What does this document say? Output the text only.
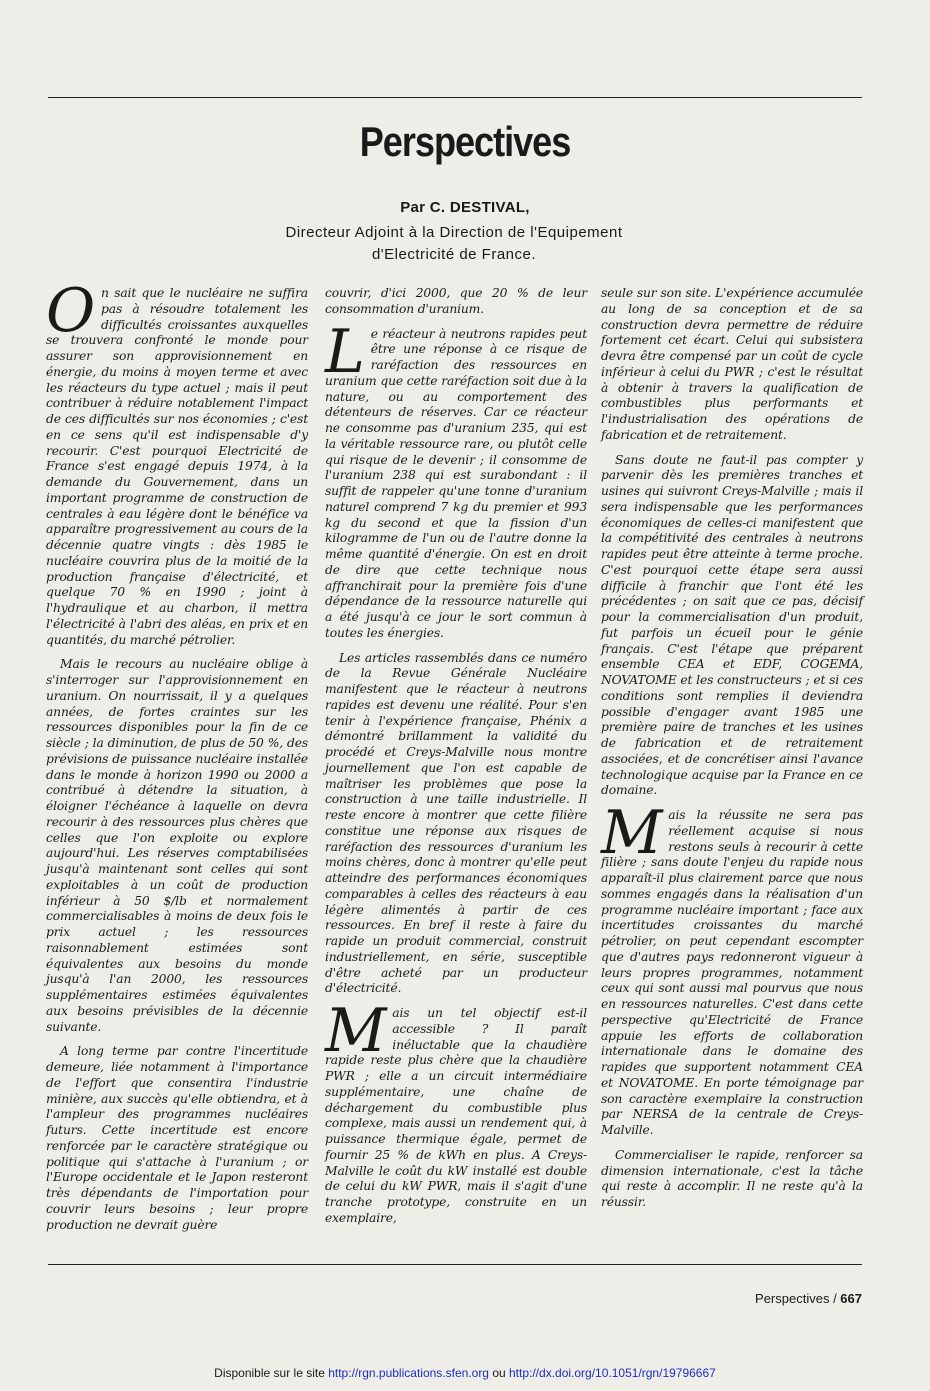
Perspectives
Par C. DESTIVAL,
Directeur Adjoint à la Direction de l'Equipement
d'Electricité de France.

On sait que le nucléaire ne suffira pas à résoudre totalement les difficultés croissantes auxquelles se trouvera confronté le monde pour assurer son approvisionnement en énergie, du moins à moyen terme et avec les réacteurs du type actuel ; mais il peut contribuer à réduire notablement l'impact de ces difficultés sur nos économies ; c'est en ce sens qu'il est indispensable d'y recourir. C'est pourquoi Electricité de France s'est engagé depuis 1974, à la demande du Gouvernement, dans un important programme de construction de centrales à eau légère dont le bénéfice va apparaître progressivement au cours de la décennie quatre vingts : dès 1985 le nucléaire couvrira plus de la moitié de la production française d'électricité, et quelque 70 % en 1990 ; joint à l'hydraulique et au charbon, il mettra l'électricité à l'abri des aléas, en prix et en quantités, du marché pétrolier.

Mais le recours au nucléaire oblige à s'interroger sur l'approvisionnement en uranium. On nourrissait, il y a quelques années, de fortes craintes sur les ressources disponibles pour la fin de ce siècle ; la diminution, de plus de 50 %, des prévisions de puissance nucléaire installée dans le monde à horizon 1990 ou 2000 a contribué à détendre la situation, à éloigner l'échéance à laquelle on devra recourir à des ressources plus chères que celles que l'on exploite ou explore aujourd'hui. Les réserves comptabilisées jusqu'à maintenant sont celles qui sont exploitables à un coût de production inférieur à 50 $/lb et normalement commercialisables à moins de deux fois le prix actuel ; les ressources raisonnablement estimées sont équivalentes aux besoins du monde jusqu'à l'an 2000, les ressources supplémentaires estimées équivalentes aux besoins prévisibles de la décennie suivante.

A long terme par contre l'incertitude demeure, liée notamment à l'importance de l'effort que consentira l'industrie minière, aux succès qu'elle obtiendra, et à l'ampleur des programmes nucléaires futurs. Cette incertitude est encore renforcée par le caractère stratégique ou politique qui s'attache à l'uranium ; or l'Europe occidentale et le Japon resteront très dépendants de l'importation pour couvrir leurs besoins ; leur propre production ne devrait guère

couvrir, d'ici 2000, que 20 % de leur consommation d'uranium.

Le réacteur à neutrons rapides peut être une réponse à ce risque de raréfaction des ressources en uranium que cette raréfaction soit due à la nature, ou au comportement des détenteurs de réserves. Car ce réacteur ne consomme pas d'uranium 235, qui est la véritable ressource rare, ou plutôt celle qui risque de le devenir ; il consomme de l'uranium 238 qui est surabondant : il suffit de rappeler qu'une tonne d'uranium naturel comprend 7 kg du premier et 993 kg du second et que la fission d'un kilogramme de l'un ou de l'autre donne la même quantité d'énergie. On est en droit de dire que cette technique nous affranchirait pour la première fois d'une dépendance de la ressource naturelle qui a été jusqu'à ce jour le sort commun à toutes les énergies.

Les articles rassemblés dans ce numéro de la Revue Générale Nucléaire manifestent que le réacteur à neutrons rapides est devenu une réalité. Pour s'en tenir à l'expérience française, Phénix a démontré brillamment la validité du procédé et Creys-Malville nous montre journellement que l'on est capable de maîtriser les problèmes que pose la construction à une taille industrielle. Il reste encore à montrer que cette filière constitue une réponse aux risques de raréfaction des ressources d'uranium les moins chères, donc à montrer qu'elle peut atteindre des performances économiques comparables à celles des réacteurs à eau légère alimentés à partir de ces ressources. En bref il reste à faire du rapide un produit commercial, construit industriellement, en série, susceptible d'être acheté par un producteur d'électricité.

Mais un tel objectif est-il accessible ? Il paraît inéluctable que la chaudière rapide reste plus chère que la chaudière PWR ; elle a un circuit intermédiaire supplémentaire, une chaîne de déchargement du combustible plus complexe, mais aussi un rendement qui, à puissance thermique égale, permet de fournir 25 % de kWh en plus. A Creys-Malville le coût du kW installé est double de celui du kW PWR, mais il s'agit d'une tranche prototype, construite en un exemplaire,

seule sur son site. L'expérience accumulée au long de sa conception et de sa construction devra permettre de réduire fortement cet écart. Celui qui subsistera devra être compensé par un coût de cycle inférieur à celui du PWR ; c'est le résultat à obtenir à travers la qualification de combustibles plus performants et l'industrialisation des opérations de fabrication et de retraitement.

Sans doute ne faut-il pas compter y parvenir dès les premières tranches et usines qui suivront Creys-Malville ; mais il sera indispensable que les performances économiques de celles-ci manifestent que la compétitivité des centrales à neutrons rapides peut être atteinte à terme proche. C'est pourquoi cette étape sera aussi difficile à franchir que l'ont été les précédentes ; on sait que ce pas, décisif pour la commercialisation d'un produit, fut parfois un écueil pour le génie français. C'est l'étape que préparent ensemble CEA et EDF, COGEMA, NOVATOME et les constructeurs ; et si ces conditions sont remplies il deviendra possible d'engager avant 1985 une première paire de tranches et les usines de fabrication et de retraitement associées, et de concrétiser ainsi l'avance technologique acquise par la France en ce domaine.

Mais la réussite ne sera pas réellement acquise si nous restons seuls à recourir à cette filière ; sans doute l'enjeu du rapide nous apparaît-il plus clairement parce que nous sommes engagés dans la réalisation d'un programme nucléaire important ; face aux incertitudes croissantes du marché pétrolier, on peut cependant escompter que d'autres pays redonneront vigueur à leurs propres programmes, notamment ceux qui sont aussi mal pourvus que nous en ressources naturelles. C'est dans cette perspective qu'Electricité de France appuie les efforts de collaboration internationale dans le domaine des rapides que supportent notamment CEA et NOVATOME. En porte témoignage par son caractère exemplaire la construction par NERSA de la centrale de Creys-Malville.

Commercialiser le rapide, renforcer sa dimension internationale, c'est la tâche qui reste à accomplir. Il ne reste qu'à la réussir.

Perspectives / 667
Disponible sur le site http://rgn.publications.sfen.org ou http://dx.doi.org/10.1051/rgn/19796667
